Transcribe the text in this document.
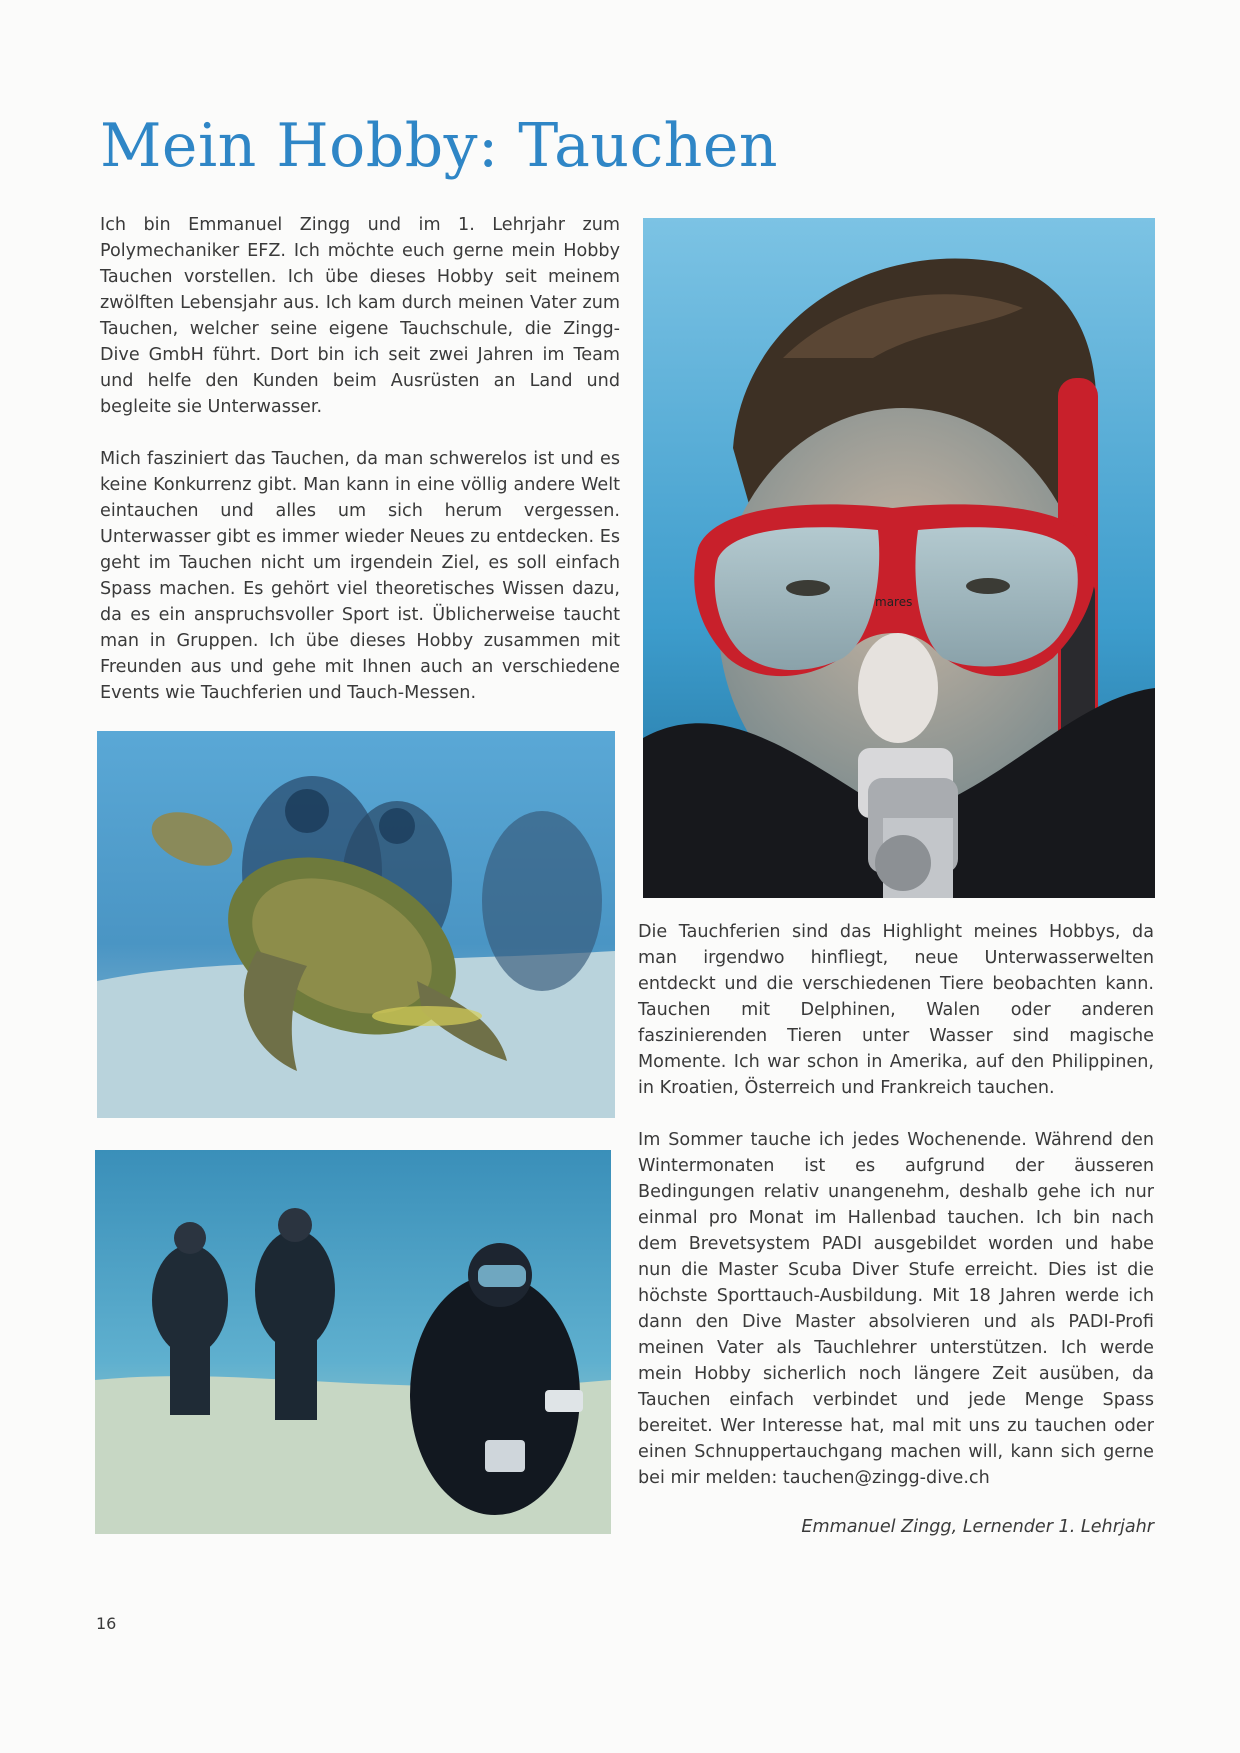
Mein Hobby: Tauchen

Ich bin Emmanuel Zingg und im 1. Lehrjahr zum Polymechaniker EFZ. Ich möchte euch gerne mein Hobby Tauchen vorstellen. Ich übe dieses Hobby seit meinem zwölften Lebensjahr aus. Ich kam durch meinen Vater zum Tauchen, welcher seine eigene Tauchschule, die Zingg-Dive GmbH führt. Dort bin ich seit zwei Jahren im Team und helfe den Kunden beim Ausrüsten an Land und begleite sie Unterwasser.

Mich fasziniert das Tauchen, da man schwerelos ist und es keine Konkurrenz gibt. Man kann in eine völlig andere Welt eintauchen und alles um sich herum vergessen. Unterwasser gibt es immer wieder Neues zu entdecken. Es geht im Tauchen nicht um irgendein Ziel, es soll einfach Spass machen. Es gehört viel theoretisches Wissen dazu, da es ein anspruchsvoller Sport ist. Üblicherweise taucht man in Gruppen. Ich übe dieses Hobby zusammen mit Freunden aus und gehe mit Ihnen auch an verschiedene Events wie Tauchferien und Tauch-Messen.

mares

Die Tauchferien sind das Highlight meines Hobbys, da man irgendwo hinfliegt, neue Unterwasserwelten entdeckt und die verschiedenen Tiere beobachten kann. Tauchen mit Delphinen, Walen oder anderen faszinierenden Tieren unter Wasser sind magische Momente. Ich war schon in Amerika, auf den Philippinen, in Kroatien, Österreich und Frankreich tauchen.

Im Sommer tauche ich jedes Wochenende. Während den Wintermonaten ist es aufgrund der äusseren Bedingungen relativ unangenehm, deshalb gehe ich nur einmal pro Monat im Hallenbad tauchen. Ich bin nach dem Brevetsystem PADI ausgebildet worden und habe nun die Master Scuba Diver Stufe erreicht. Dies ist die höchste Sporttauch-Ausbildung. Mit 18 Jahren werde ich dann den Dive Master absolvieren und als PADI-Profi meinen Vater als Tauchlehrer unterstützen. Ich werde mein Hobby sicherlich noch längere Zeit ausüben, da Tauchen einfach verbindet und jede Menge Spass bereitet. Wer Interesse hat, mal mit uns zu tauchen oder einen Schnuppertauchgang machen will, kann sich gerne bei mir melden: tauchen@zingg-dive.ch

Emmanuel Zingg, Lernender 1. Lehrjahr
16
